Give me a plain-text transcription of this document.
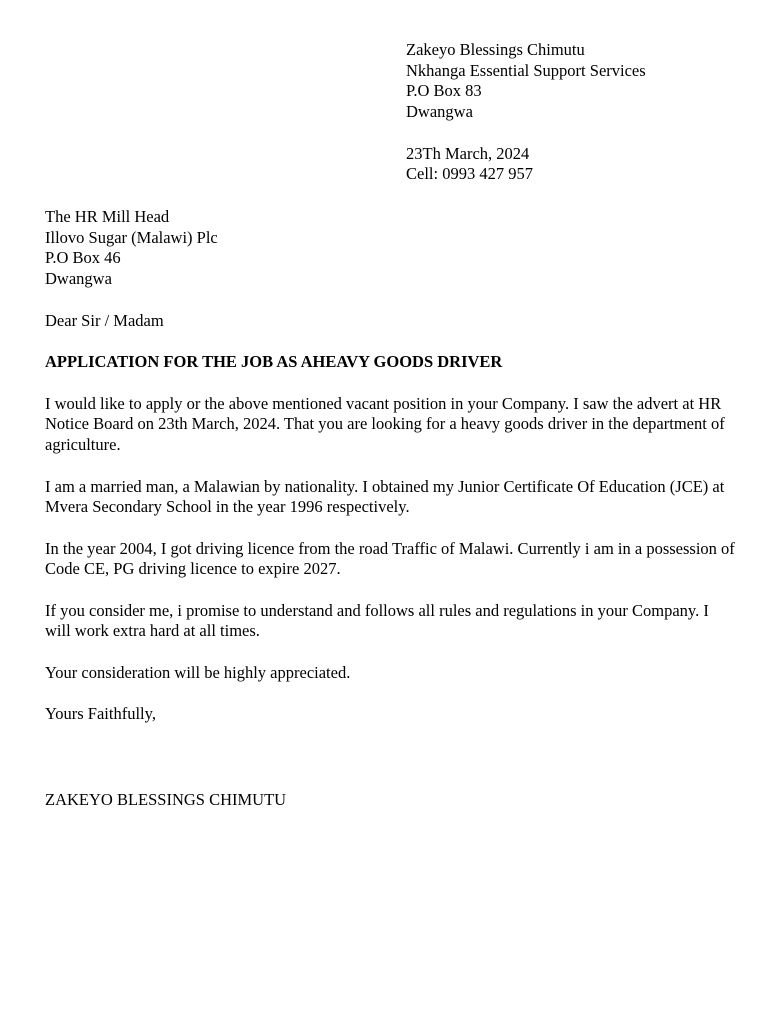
Zakeyo Blessings Chimutu
Nkhanga Essential Support Services
P.O Box 83
Dwangwa
23Th March, 2024
Cell: 0993 427 957
The HR Mill Head
Illovo Sugar (Malawi) Plc
P.O Box 46
Dwangwa

Dear Sir / Madam

APPLICATION FOR THE JOB AS AHEAVY GOODS DRIVER

I would like to apply or the above mentioned vacant position in your Company. I saw the advert at HR Notice Board on 23th March, 2024. That you are looking for a heavy goods driver in the department of agriculture.

I am a married man, a Malawian by nationality. I obtained my Junior Certificate Of Education (JCE) at Mvera Secondary School in the year 1996 respectively.

In the year 2004, I got driving licence from the road Traffic of Malawi. Currently i am in a possession of Code CE, PG driving licence to expire 2027.

If you consider me, i promise to understand and follows all rules and regulations in your Company. I will work extra hard at all times.

Your consideration will be highly appreciated.

Yours Faithfully,

ZAKEYO BLESSINGS CHIMUTU
